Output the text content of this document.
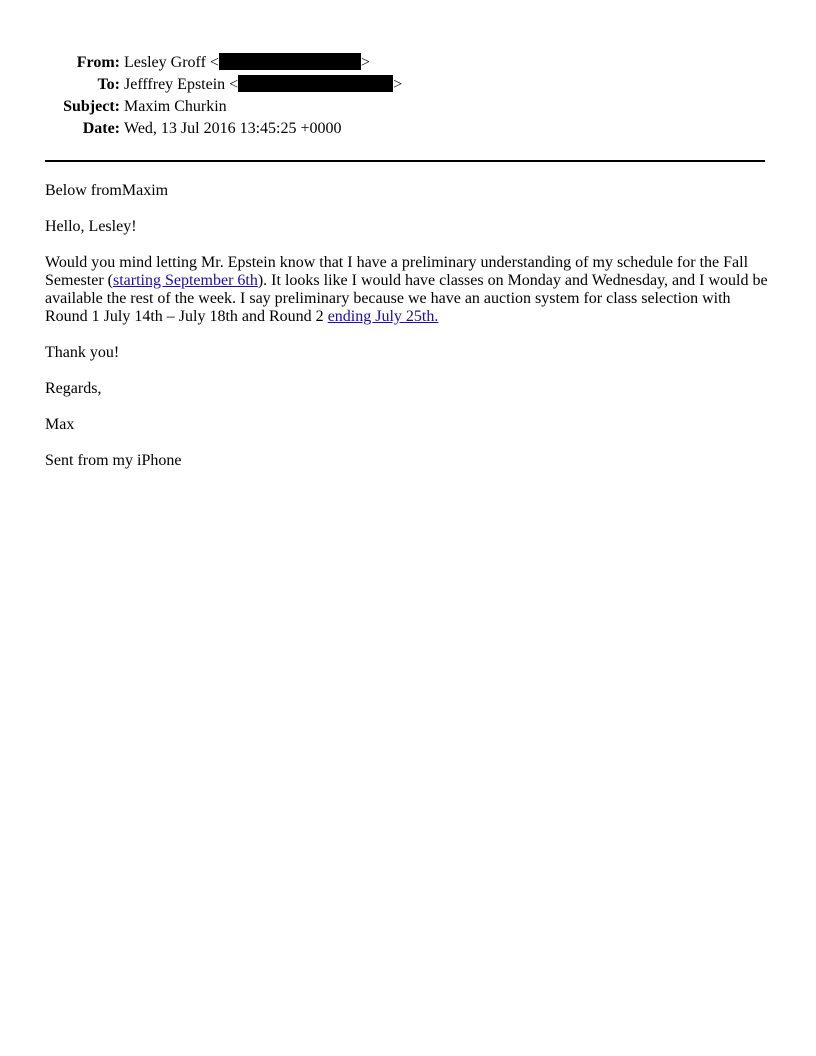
From: Lesley Groff <	>
To: Jefffrey Epstein <	>
Subject: Maxim Churkin
Date: Wed, 13 Jul 2016 13:45:25 +0000

Below fromMaxim

Hello, Lesley!

Would you mind letting Mr. Epstein know that I have a preliminary understanding of my schedule for the Fall Semester (starting September 6th). It looks like I would have classes on Monday and Wednesday, and I would be available the rest of the week. I say preliminary because we have an auction system for class selection with Round 1 July 14th – July 18th and Round 2 ending July 25th.

Thank you!

Regards,

Max

Sent from my iPhone
